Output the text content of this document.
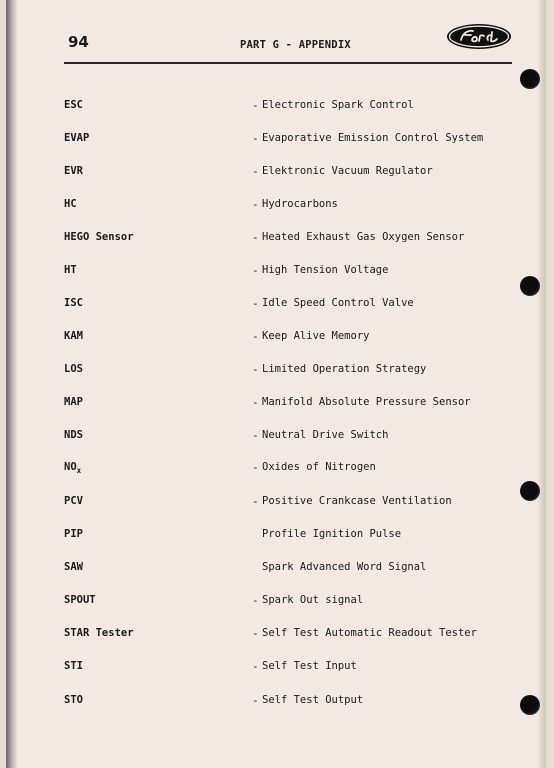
94	PART G - APPENDIX
ESC	- Electronic Spark Control
EVAP	- Evaporative Emission Control System
EVR	- Elektronic Vacuum Regulator
HC	- Hydrocarbons
HEGO Sensor	- Heated Exhaust Gas Oxygen Sensor
HT	- High Tension Voltage
ISC	- Idle Speed Control Valve
KAM	- Keep Alive Memory
LOS	- Limited Operation Strategy
MAP	- Manifold Absolute Pressure Sensor
NDS	- Neutral Drive Switch
$NO_x$	- Oxides of Nitrogen
PCV	- Positive Crankcase Ventilation
PIP	Profile Ignition Pulse
SAW	Spark Advanced Word Signal
SPOUT	- Spark Out signal
STAR Tester	- Self Test Automatic Readout Tester
STI	- Self Test Input
STO	- Self Test Output
